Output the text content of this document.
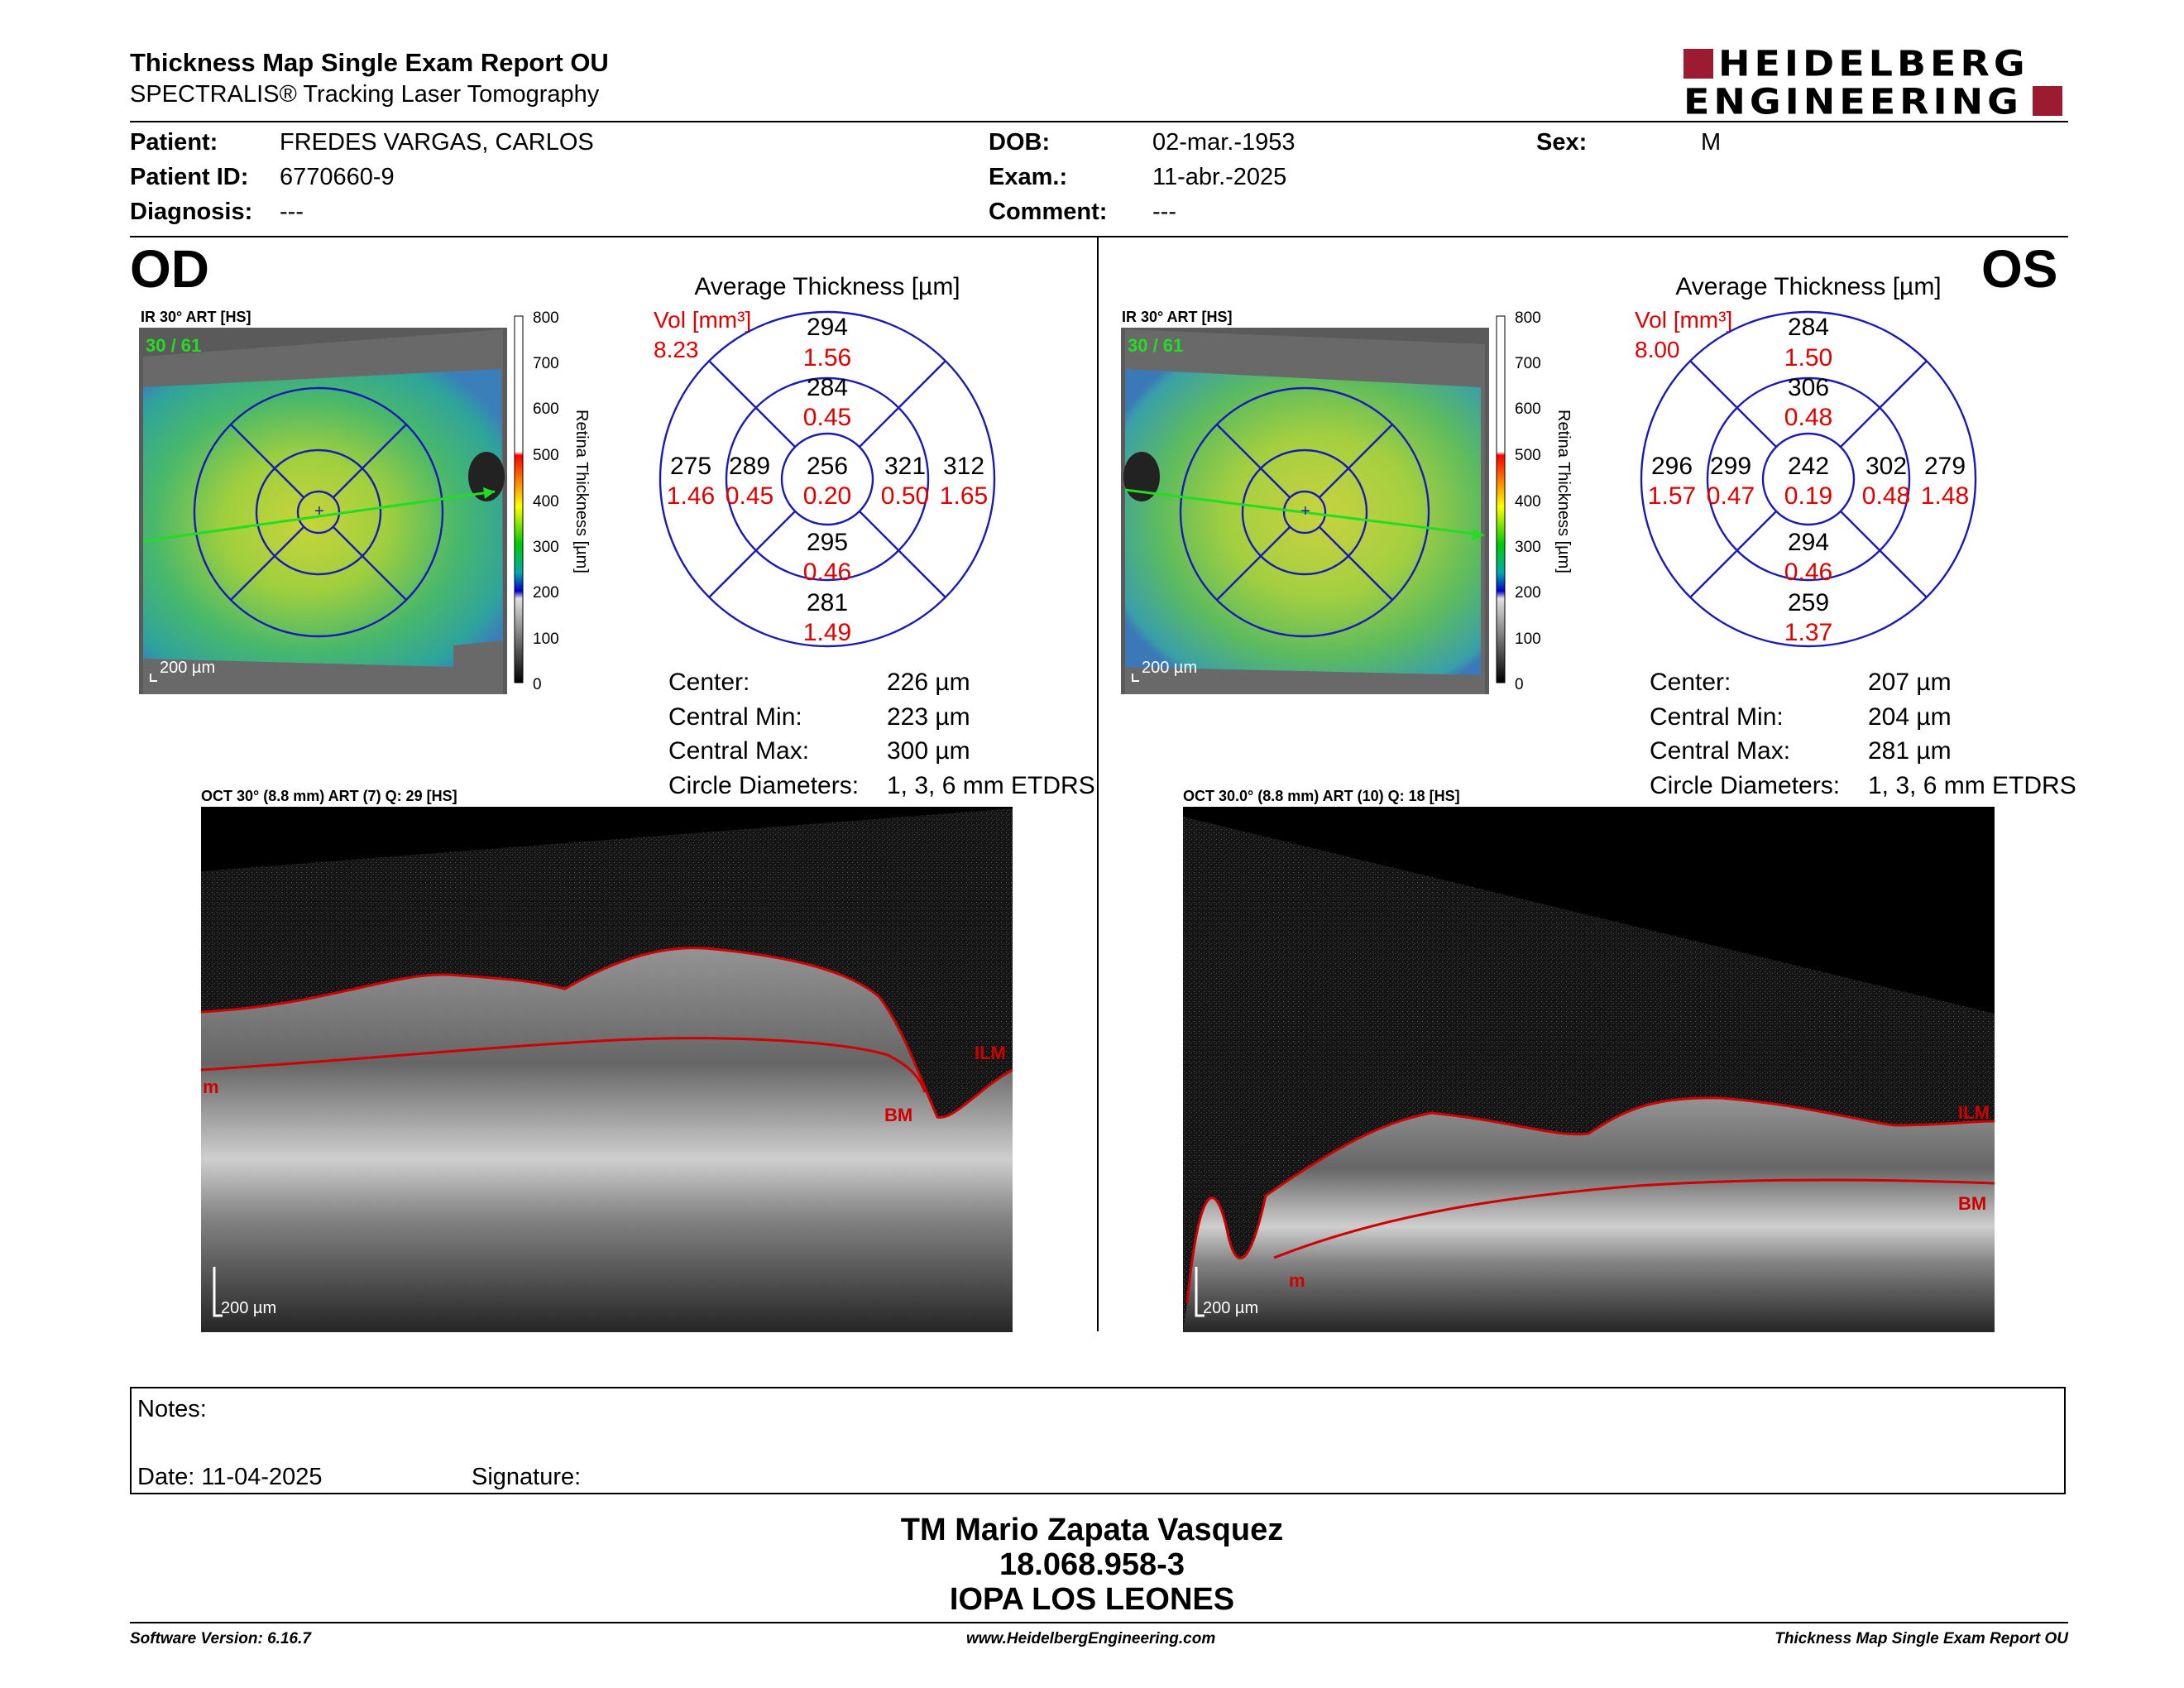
Thickness Map Single Exam Report OU
SPECTRALIS® Tracking Laser Tomography
HEIDELBERG
ENGINEERING
Patient:	FREDES VARGAS, CARLOS
Patient ID: 6770660-9
Diagnosis: ---
DOB:	02-mar.-1953
Exam.:	11-abr.-2025
Comment: ---
Sex:	M
OD	OS
IR 30° ART [HS]
+
30 / 61
200 µm
800
700
600
500
400
300
200
100
0
Retina Thickness [µm]
Average Thickness [µm]
Vol [mm³]
8.23
294
1.56
284
0.45
275
1.46
289
0.45
256
0.20
321
0.50
312
1.65
295
0.46
281
1.49
Center:	226 µm
Central Min:	223 µm
Central Max:	300 µm
Circle Diameters: 1, 3, 6 mm ETDRS
OCT 30° (8.8 mm) ART (7) Q: 29 [HS]
ILM
BM
m
200 µm
IR 30° ART [HS]
+
30 / 61
200 µm
800
700
600
500
400
300
200
100
0
Retina Thickness [µm]
Average Thickness [µm]
Vol [mm³]
8.00
284
1.50
306
0.48
296
1.57
299
0.47
242
0.19
302
0.48
279
1.48
294
0.46
259
1.37
Center:	207 µm
Central Min:	204 µm
Central Max:	281 µm
Circle Diameters: 1, 3, 6 mm ETDRS
OCT 30.0° (8.8 mm) ART (10) Q: 18 [HS]
ILM
BM
m
200 µm
Notes:
Date: 11-04-2025	Signature:
TM Mario Zapata Vasquez
18.068.958-3
IOPA LOS LEONES
Software Version: 6.16.7	www.HeidelbergEngineering.com	Thickness Map Single Exam Report OU
